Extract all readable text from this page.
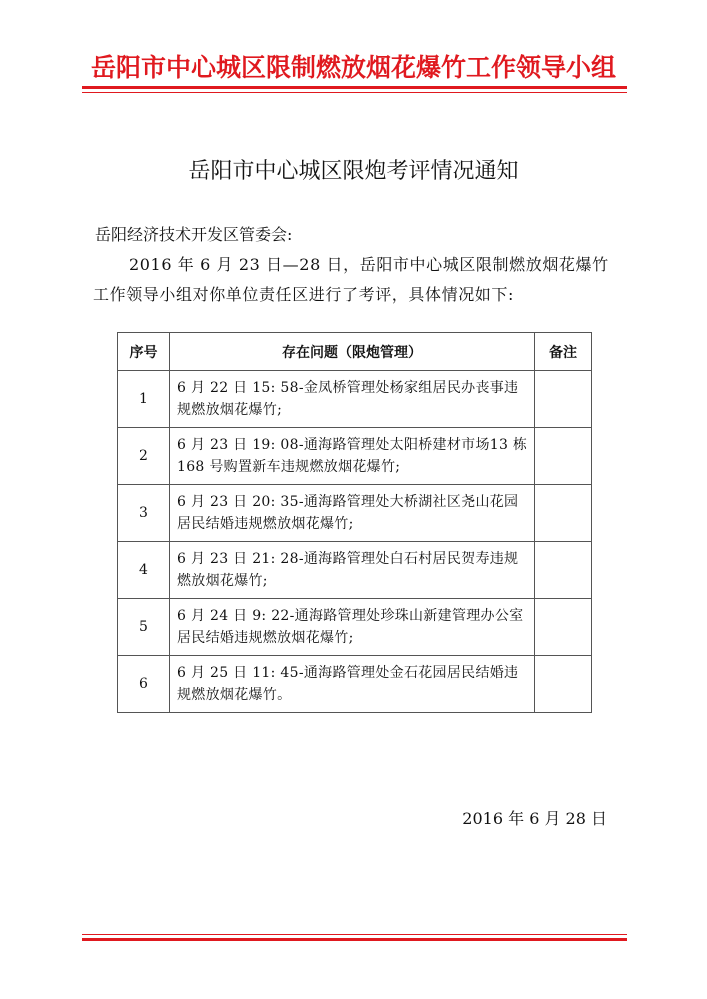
岳阳市中心城区限制燃放烟花爆竹工作领导小组
岳阳市中心城区限炮考评情况通知
岳阳经济技术开发区管委会:
2016 年 6 月 23 日—28 日，岳阳市中心城区限制燃放烟花爆竹工作领导小组对你单位责任区进行了考评，具体情况如下:
序号	存在问题（限炮管理）	备注
1	6 月 22 日 15: 58-金凤桥管理处杨家组居民办丧事违规燃放烟花爆竹;	
2	6 月 23 日 19: 08-通海路管理处太阳桥建材市场13 栋 168 号购置新车违规燃放烟花爆竹;	
3	6 月 23 日 20: 35-通海路管理处大桥湖社区尧山花园居民结婚违规燃放烟花爆竹;	
4	6 月 23 日 21: 28-通海路管理处白石村居民贺寿违规燃放烟花爆竹;	
5	6 月 24 日 9: 22-通海路管理处珍珠山新建管理办公室居民结婚违规燃放烟花爆竹;	
6	6 月 25 日 11: 45-通海路管理处金石花园居民结婚违规燃放烟花爆竹。	
2016 年 6 月 28 日
